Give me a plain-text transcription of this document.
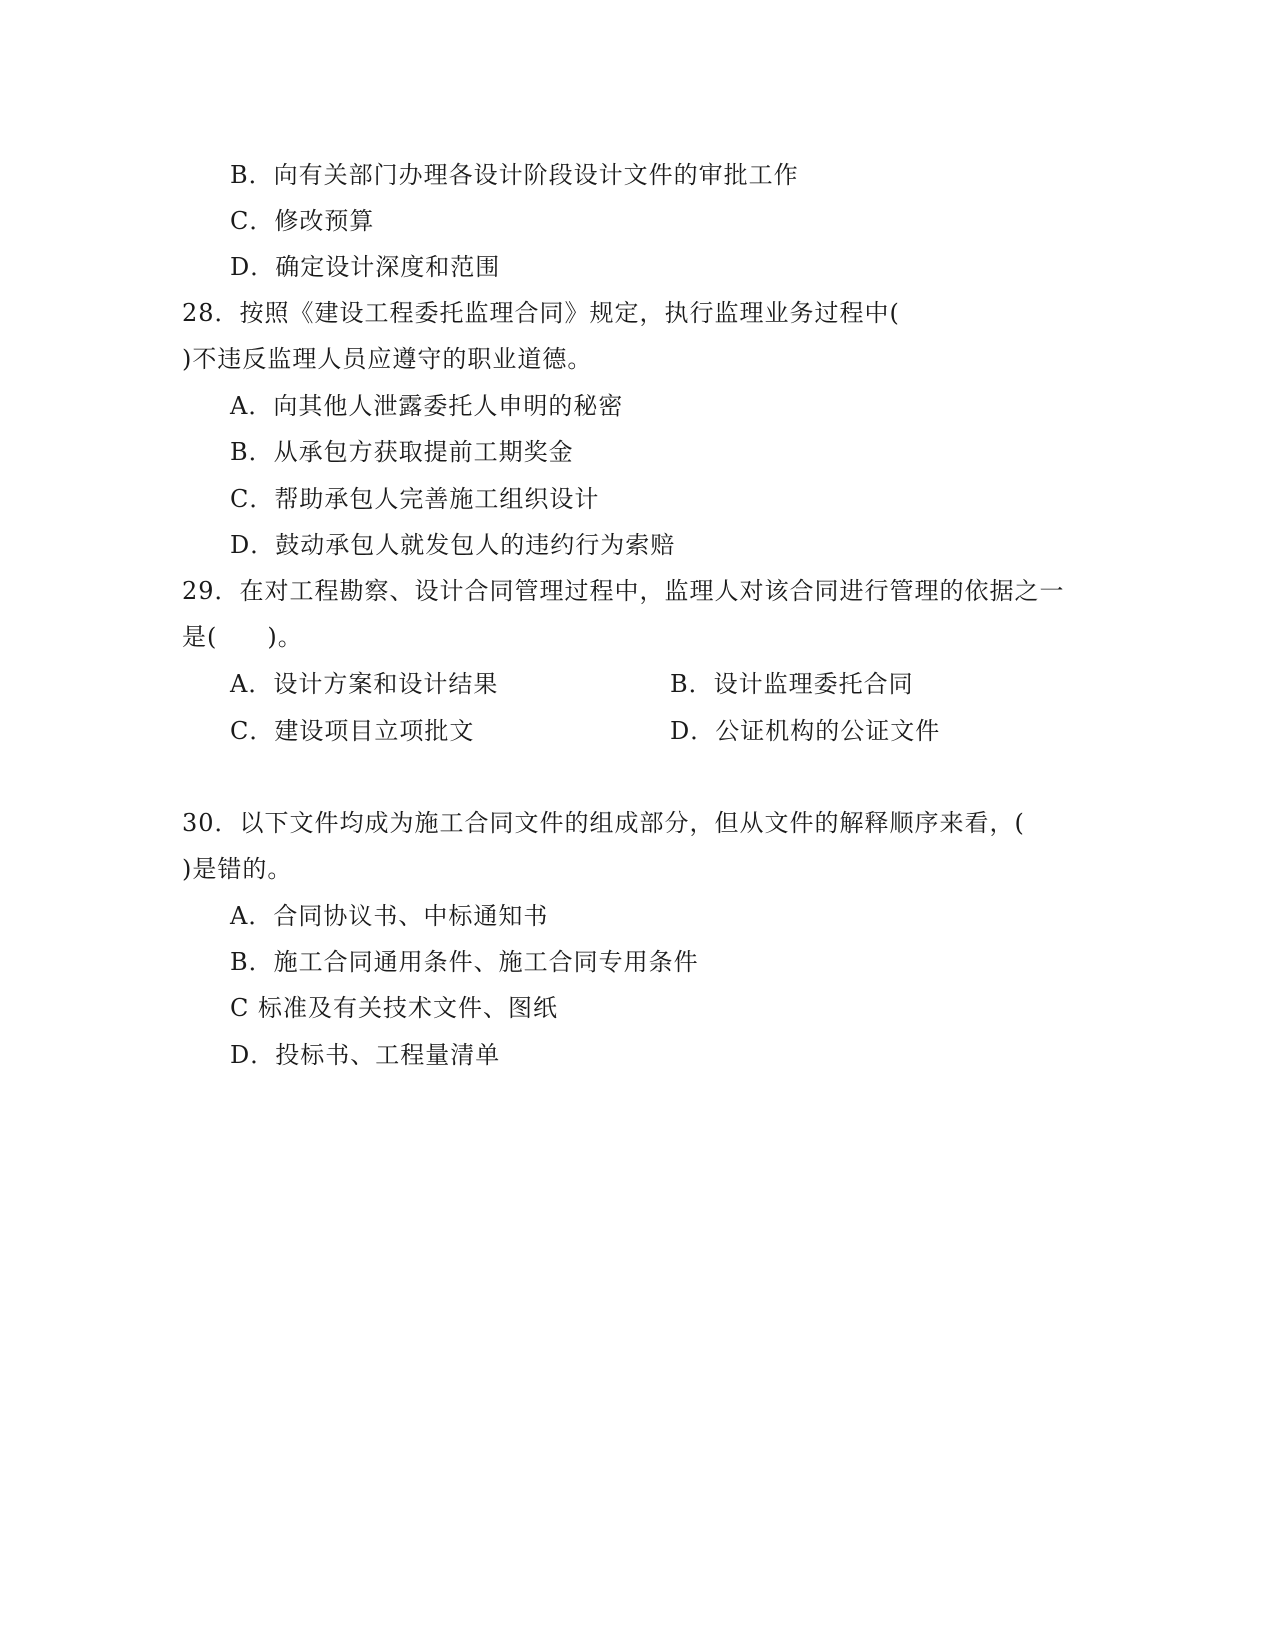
B．向有关部门办理各设计阶段设计文件的审批工作
C．修改预算
D．确定设计深度和范围
28．按照《建设工程委托监理合同》规定，执行监理业务过程中(
)不违反监理人员应遵守的职业道德。
A．向其他人泄露委托人申明的秘密
B．从承包方获取提前工期奖金
C．帮助承包人完善施工组织设计
D．鼓动承包人就发包人的违约行为索赔
29．在对工程勘察、设计合同管理过程中，监理人对该合同进行管理的依据之一
是(　　)。
A．设计方案和设计结果	B．设计监理委托合同
C．建设项目立项批文	D．公证机构的公证文件
30．以下文件均成为施工合同文件的组成部分，但从文件的解释顺序来看，(
)是错的。
A．合同协议书、中标通知书
B．施工合同通用条件、施工合同专用条件
C 标准及有关技术文件、图纸
D．投标书、工程量清单
